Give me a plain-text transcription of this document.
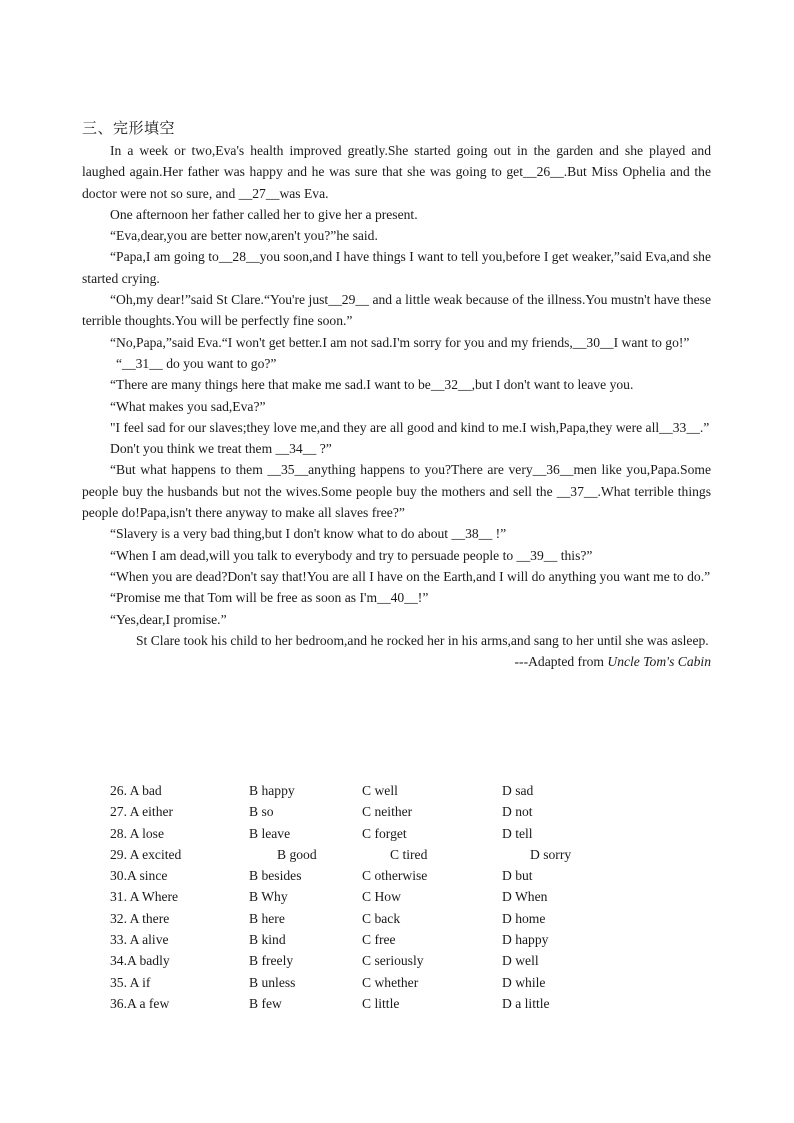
三、完形填空

In a week or two,Eva's health improved greatly.She started going out in the garden and she played and laughed again.Her father was happy and he was sure that she was going to get__26__.But Miss Ophelia and the doctor were not so sure, and __27__was Eva.

One afternoon her father called her to give her a present.

“Eva,dear,you are better now,aren't you?”he said.

“Papa,I am going to__28__you soon,and I have things I want to tell you,before I get weaker,”said Eva,and she started crying.

“Oh,my dear!”said St Clare.“You're just__29__ and a little weak because of the illness.You mustn't have these terrible thoughts.You will be perfectly fine soon.”

“No,Papa,”said Eva.“I won't get better.I am not sad.I'm sorry for you and my friends,__30__I want to go!”

“__31__ do you want to go?”

“There are many things here that make me sad.I want to be__32__,but I don't want to leave you.

“What makes you sad,Eva?”

"I feel sad for our slaves;they love me,and they are all good and kind to me.I wish,Papa,they were all__33__.”

Don't you think we treat them __34__ ?”

“But what happens to them __35__anything happens to you?There are very__36__men like you,Papa.Some people buy the husbands but not the wives.Some people buy the mothers and sell the __37__.What terrible things people do!Papa,isn't there anyway to make all slaves free?”

“Slavery is a very bad thing,but I don't know what to do about __38__ !”

“When I am dead,will you talk to everybody and try to persuade people to __39__ this?”

“When you are dead?Don't say that!You are all I have on the Earth,and I will do anything you want me to do.”

“Promise me that Tom will be free as soon as I'm__40__!”

“Yes,dear,I promise.”

St Clare took his child to her bedroom,and he rocked her in his arms,and sang to her until she was asleep.

---Adapted from Uncle Tom's Cabin
26. A bad	B happy	C well	D sad
27. A either	B so	C neither	D not
28. A lose	B leave	C forget	D tell
29. A excited	B good	C tired	D sorry
30.A since	B besides	C otherwise	D but
31. A Where	B Why	C How	D When
32. A there	B here	C back	D home
33. A alive	B kind	C free	D happy
34.A badly	B freely	C seriously	D well
35. A if	B unless	C whether	D while
36.A a few	B few	C little	D a little
